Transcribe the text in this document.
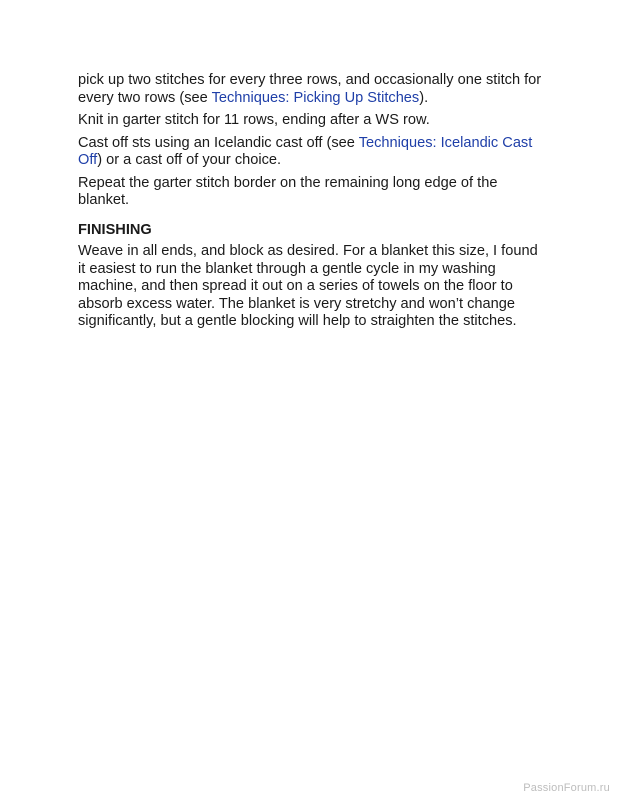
pick up two stitches for every three rows, and occasionally one stitch for every two rows (see Techniques: Picking Up Stitches).

Knit in garter stitch for 11 rows, ending after a WS row.

Cast off sts using an Icelandic cast off (see Techniques: Icelandic Cast Off) or a cast off of your choice.

Repeat the garter stitch border on the remaining long edge of the blanket.

FINISHING

Weave in all ends, and block as desired. For a blanket this size, I found it easiest to run the blanket through a gentle cycle in my washing machine, and then spread it out on a series of towels on the floor to absorb excess water. The blanket is very stretchy and won’t change significantly, but a gentle blocking will help to straighten the stitches.

PassionForum.ru
